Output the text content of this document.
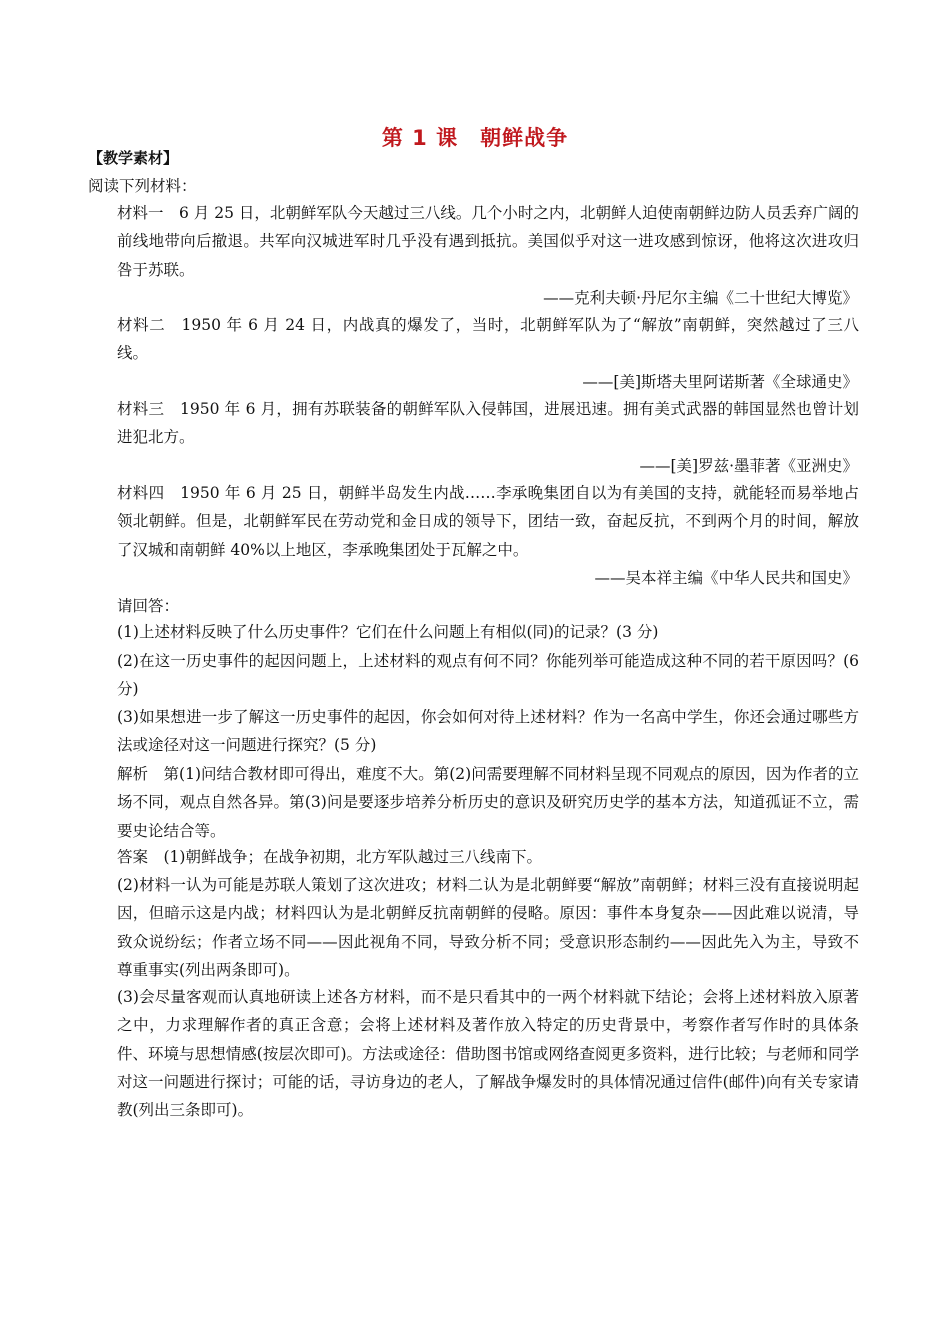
第 1 课　朝鲜战争
【教学素材】
阅读下列材料：
材料一　6 月 25 日，北朝鲜军队今天越过三八线。几个小时之内，北朝鲜人迫使南朝鲜边防人员丢弃广阔的前线地带向后撤退。共军向汉城进军时几乎没有遇到抵抗。美国似乎对这一进攻感到惊讶，他将这次进攻归咎于苏联。
——克利夫顿·丹尼尔主编《二十世纪大博览》
材料二　1950 年 6 月 24 日，内战真的爆发了，当时，北朝鲜军队为了“解放”南朝鲜，突然越过了三八线。
——[美]斯塔夫里阿诺斯著《全球通史》
材料三　1950 年 6 月，拥有苏联装备的朝鲜军队入侵韩国，进展迅速。拥有美式武器的韩国显然也曾计划进犯北方。
——[美]罗兹·墨菲著《亚洲史》
材料四　1950 年 6 月 25 日，朝鲜半岛发生内战……李承晚集团自以为有美国的支持，就能轻而易举地占领北朝鲜。但是，北朝鲜军民在劳动党和金日成的领导下，团结一致，奋起反抗，不到两个月的时间，解放了汉城和南朝鲜 40%以上地区，李承晚集团处于瓦解之中。
——吴本祥主编《中华人民共和国史》
请回答：
(1)上述材料反映了什么历史事件？它们在什么问题上有相似(同)的记录？(3 分)
(2)在这一历史事件的起因问题上，上述材料的观点有何不同？你能列举可能造成这种不同的若干原因吗？(6 分)
(3)如果想进一步了解这一历史事件的起因，你会如何对待上述材料？作为一名高中学生，你还会通过哪些方法或途径对这一问题进行探究？(5 分)
解析　第(1)问结合教材即可得出，难度不大。第(2)问需要理解不同材料呈现不同观点的原因，因为作者的立场不同，观点自然各异。第(3)问是要逐步培养分析历史的意识及研究历史学的基本方法，知道孤证不立，需要史论结合等。
答案　(1)朝鲜战争；在战争初期，北方军队越过三八线南下。
(2)材料一认为可能是苏联人策划了这次进攻；材料二认为是北朝鲜要“解放”南朝鲜；材料三没有直接说明起因，但暗示这是内战；材料四认为是北朝鲜反抗南朝鲜的侵略。原因：事件本身复杂——因此难以说清，导致众说纷纭；作者立场不同——因此视角不同，导致分析不同；受意识形态制约——因此先入为主，导致不尊重事实(列出两条即可)。
(3)会尽量客观而认真地研读上述各方材料，而不是只看其中的一两个材料就下结论；会将上述材料放入原著之中，力求理解作者的真正含意；会将上述材料及著作放入特定的历史背景中，考察作者写作时的具体条件、环境与思想情感(按层次即可)。方法或途径：借助图书馆或网络查阅更多资料，进行比较；与老师和同学对这一问题进行探讨；可能的话，寻访身边的老人，了解战争爆发时的具体情况通过信件(邮件)向有关专家请教(列出三条即可)。
